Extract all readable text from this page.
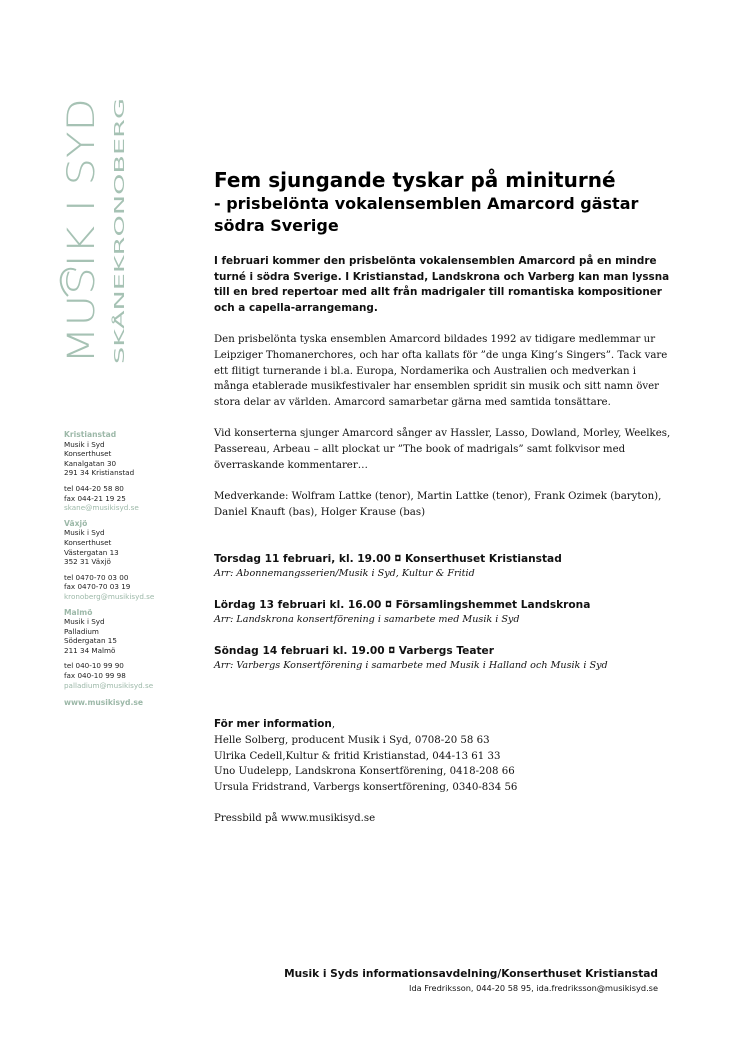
MUSIK I SYD SKÅNEKRONOBERG
Kristianstad
Musik i Syd
Konserthuset
Kanalgatan 30
291 34 Kristianstad
tel 044-20 58 80
fax 044-21 19 25
skane@musikisyd.se
Växjö
Musik i Syd
Konserthuset
Västergatan 13
352 31 Växjö
tel 0470-70 03 00
fax 0470-70 03 19
kronoberg@musikisyd.se
Malmö
Musik i Syd
Palladium
Södergatan 15
211 34 Malmö
tel 040-10 99 90
fax 040-10 99 98
palladium@musikisyd.se
www.musikisyd.se
Fem sjungande tyskar på miniturné
- prisbelönta vokalensemblen Amarcord gästar
södra Sverige
I februari kommer den prisbelönta vokalensemblen Amarcord på en mindre turné i södra Sverige. I Kristianstad, Landskrona och Varberg kan man lyssna till en bred repertoar med allt från madrigaler till romantiska kompositioner och a capella-arrangemang.
Den prisbelönta tyska ensemblen Amarcord bildades 1992 av tidigare medlemmar ur Leipziger Thomanerchores, och har ofta kallats för ”de unga King’s Singers”. Tack vare ett flitigt turnerande i bl.a. Europa, Nordamerika och Australien och medverkan i många etablerade musikfestivaler har ensemblen spridit sin musik och sitt namn över stora delar av världen. Amarcord samarbetar gärna med samtida tonsättare.
Vid konserterna sjunger Amarcord sånger av Hassler, Lasso, Dowland, Morley, Weelkes, Passereau, Arbeau – allt plockat ur ”The book of madrigals” samt folkvisor med överraskande kommentarer…
Medverkande: Wolfram Lattke (tenor), Martin Lattke (tenor), Frank Ozimek (baryton), Daniel Knauft (bas), Holger Krause (bas)
Torsdag 11 februari, kl. 19.00 ◘ Konserthuset Kristianstad
Arr: Abonnemangsserien/Musik i Syd, Kultur & Fritid
Lördag 13 februari kl. 16.00 ◘ Församlingshemmet Landskrona
Arr: Landskrona konsertförening i samarbete med Musik i Syd
Söndag 14 februari kl. 19.00 ◘ Varbergs Teater
Arr: Varbergs Konsertförening i samarbete med Musik i Halland och Musik i Syd
För mer information,
Helle Solberg, producent Musik i Syd, 0708-20 58 63
Ulrika Cedell,Kultur & fritid Kristianstad, 044-13 61 33
Uno Uudelepp, Landskrona Konsertförening, 0418-208 66
Ursula Fridstrand, Varbergs konsertförening, 0340-834 56
Pressbild på www.musikisyd.se
Musik i Syds informationsavdelning/Konserthuset Kristianstad
Ida Fredriksson, 044-20 58 95, ida.fredriksson@musikisyd.se
